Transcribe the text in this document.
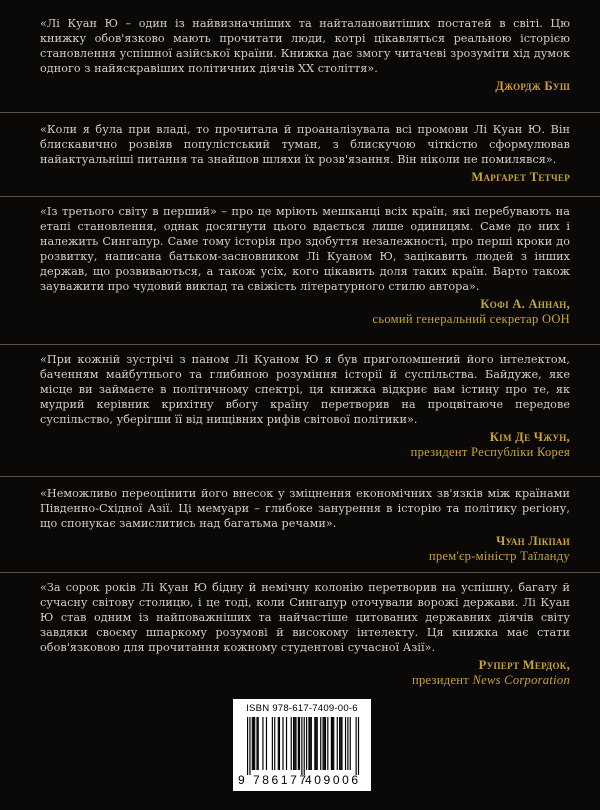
«Лі Куан Ю – один із найвизначніших та найталановитіших постатей в світі. Цю книжку обов'язково мають прочитати люди, котрі цікавляться реальною історією становлення успішної азійської країни. Книжка дає змогу читачеві зрозуміти хід думок одного з найяскравіших політичних діячів XX століття».

Джордж Буш

«Коли я була при владі, то прочитала й проаналізувала всі промови Лі Куан Ю. Він блискавично розвіяв популістський туман, з блискучою чіткістю сформулював найактуальніші питання та знайшов шляхи їх розв'язання. Він ніколи не помилявся».

Маргарет Тетчер

«Із третього світу в перший» – про це мріють мешканці всіх країн, які перебувають на етапі становлення, однак досягнути цього вдається лише одиницям. Саме до них і належить Сингапур. Саме тому історія про здобуття незалежності, про перші кроки до розвитку, написана батьком-засновником Лі Куаном Ю, зацікавить людей з інших держав, що розвиваються, а також усіх, кого цікавить доля таких країн. Варто також зауважити про чудовий виклад та свіжість літературного стилю автора».

Кофі А. Аннан,
сьомий генеральний секретар ООН

«При кожній зустрічі з паном Лі Куаном Ю я був приголомшений його інтелектом, баченням майбутнього та глибиною розуміння історії й суспільства. Байдуже, яке місце ви займаєте в політичному спектрі, ця книжка відкриє вам істину про те, як мудрий керівник крихітну вбогу країну перетворив на процвітаюче передове суспільство, уберігши її від нищівних рифів світової політики».

Кім Де Чжун,
президент Республіки Корея

«Неможливо переоцінити його внесок у зміцнення економічних зв'язків між країнами Південно-Східної Азії. Ці мемуари – глибоке занурення в історію та політику регіону, що спонукає замислитись над багатьма речами».

Чуан Лікпаи
прем'єр-міністр Таїланду

«За сорок років Лі Куан Ю бідну й немічну колонію перетворив на успішну, багату й сучасну світову столицю, і це тоді, коли Сингапур оточували ворожі держави. Лі Куан Ю став одним із найповажніших та найчастіше цитованих державних діячів світу завдяки своєму шпаркому розумові й високому інтелекту. Ця книжка має стати обов'язковою для прочитання кожному студентові сучасної Азії».

Руперт Мердок,
президент News Corporation
ISBN 978-617-7409-00-6
9 786177
409006
